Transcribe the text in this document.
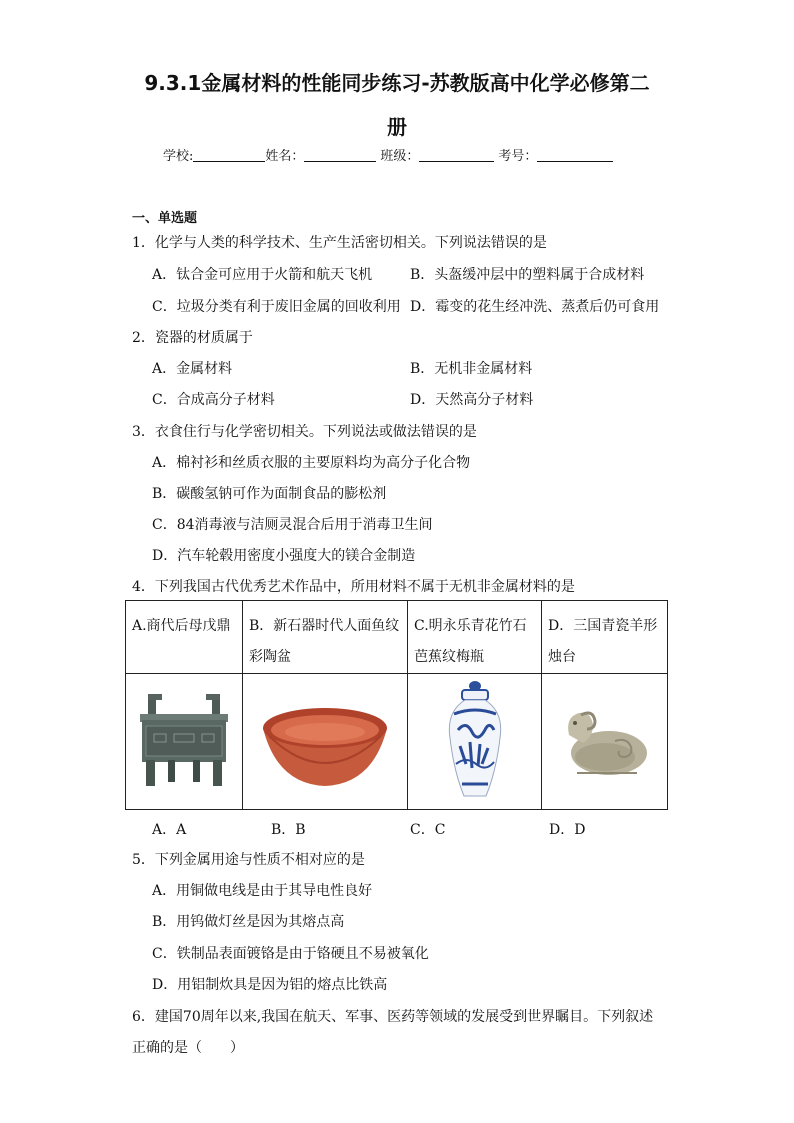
9.3.1金属材料的性能同步练习-苏教版高中化学必修第二
册
学校:	姓名：	班级：	考号：
一、单选题
1．化学与人类的科学技术、生产生活密切相关。下列说法错误的是
A．钛合金可应用于火箭和航天飞机	B．头盔缓冲层中的塑料属于合成材料
C．垃圾分类有利于废旧金属的回收利用 D．霉变的花生经冲洗、蒸煮后仍可食用
2．瓷器的材质属于
A．金属材料	B．无机非金属材料
C．合成高分子材料	D．天然高分子材料
3．衣食住行与化学密切相关。下列说法或做法错误的是
A．棉衬衫和丝质衣服的主要原料均为高分子化合物
B．碳酸氢钠可作为面制食品的膨松剂
C．84消毒液与洁厕灵混合后用于消毒卫生间
D．汽车轮毂用密度小强度大的镁合金制造
4．下列我国古代优秀艺术作品中，所用材料不属于无机非金属材料的是
A.商代后母戊鼎	B．新石器时代人面鱼纹彩陶盆	C.明永乐青花竹石芭蕉纹梅瓶	D．三国青瓷羊形烛台

A．A	B．B	C．C	D．D
5．下列金属用途与性质不相对应的是
A．用铜做电线是由于其导电性良好
B．用钨做灯丝是因为其熔点高
C．铁制品表面镀铬是由于铬硬且不易被氧化
D．用铝制炊具是因为铝的熔点比铁高
6．建国70周年以来,我国在航天、军事、医药等领域的发展受到世界瞩目。下列叙述
正确的是（　　）
